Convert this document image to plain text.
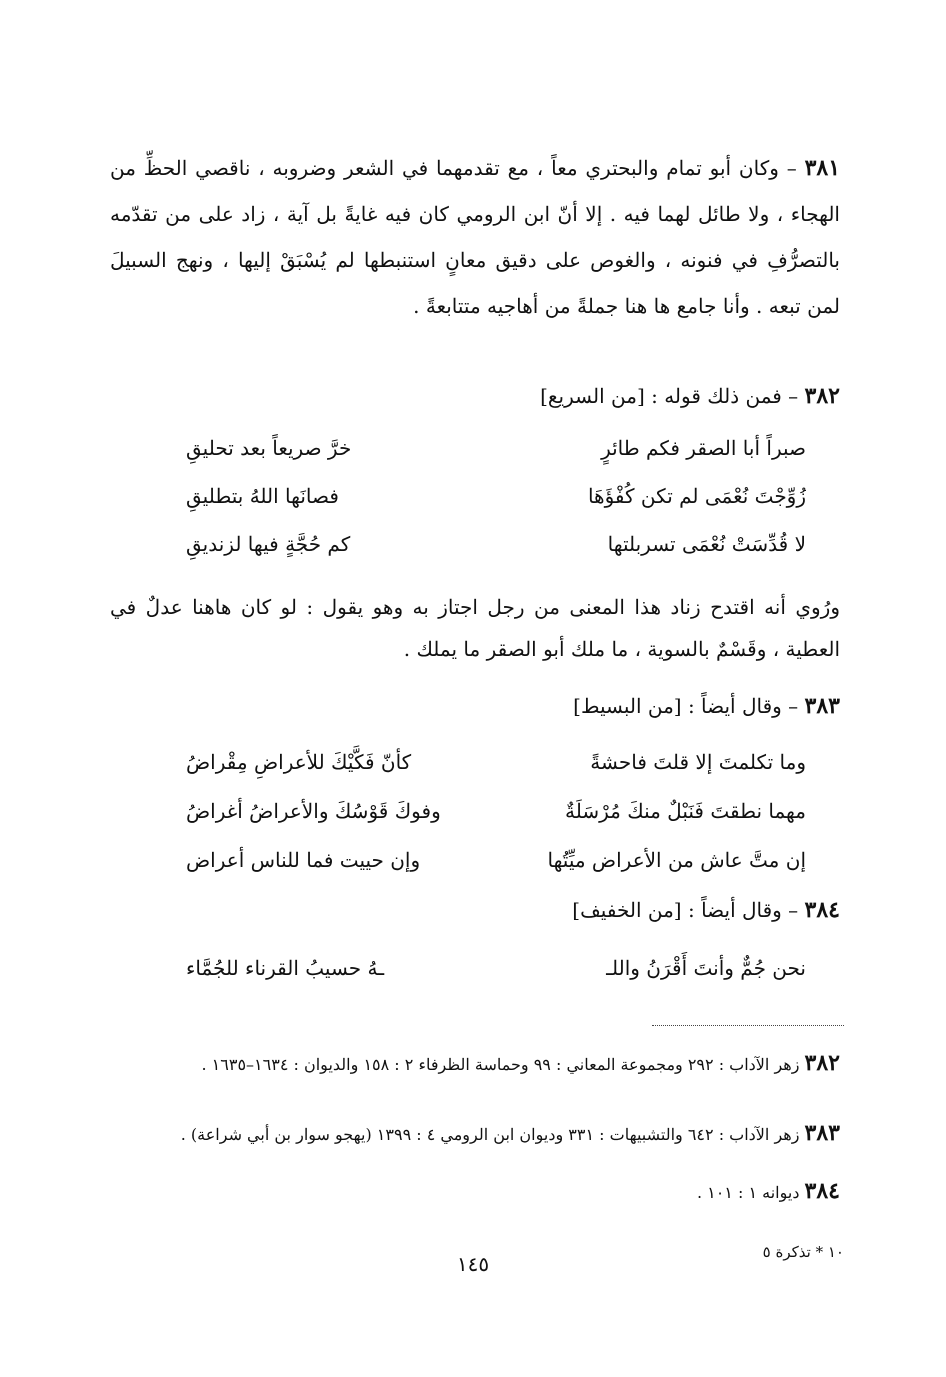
٣٨١ – وكان أبو تمام والبحتري معاً ، مع تقدمهما في الشعر وضروبه ، ناقصي الحظِّ من الهجاء ، ولا طائل لهما فيه . إلا أنّ ابن الرومي كان فيه غايةً بل آية ، زاد على من تقدّمه بالتصرُّفِ في فنونه ، والغوص على دقيق معانٍ استنبطها لم يُسْبَقْ إليها ، ونهج السبيلَ لمن تبعه . وأنا جامع ها هنا جملةً من أهاجيه متتابعةً .
٣٨٢ – فمن ذلك قوله : [من السريع]
صبراً أبا الصقر فكم طائرٍ
خرَّ صريعاً بعد تحليقِ
زُوِّجْتَ نُعْمَى لم تكن كُفْؤَهَا
فصانَها اللهُ بتطليقِ
لا قُدِّسَتْ نُعْمَى تسربلتها
كم حُجَّةٍ فيها لزنديقِ
ورُوي أنه اقتدح زناد هذا المعنى من رجل اجتاز به وهو يقول : لو كان هاهنا عدلٌ في العطية ، وقَسْمٌ بالسوية ، ما ملك أبو الصقر ما يملك .
٣٨٣ – وقال أيضاً : [من البسيط]
وما تكلمتَ إلا قلتَ فاحشةً
كأنّ فَكَّيْكَ للأعراضِ مِقْراضُ
مهما نطقتَ فَنَبْلٌ منكَ مُرْسَلَةٌ
وفوكَ قَوْسُكَ والأعراضُ أغراضُ
إن متَّ عاش من الأعراض ميِّتُها
وإن حييت فما للناس أعراض
٣٨٤ – وقال أيضاً : [من الخفيف]
نحن جُمٌّ وأنتَ أَقْرَنُ واللـ
ـهُ حسيبُ القرناء للجُمَّاء
٣٨٢ زهر الآداب : ٢٩٢ ومجموعة المعاني : ٩٩ وحماسة الظرفاء ٢ : ١٥٨ والديوان : ١٦٣٤–١٦٣٥ .
٣٨٣ زهر الآداب : ٦٤٢ والتشبيهات : ٣٣١ وديوان ابن الرومي ٤ : ١٣٩٩ (يهجو سوار بن أبي شراعة) .
٣٨٤ ديوانه ١ : ١٠١ .
١٠ * تذكرة ٥
١٤٥
